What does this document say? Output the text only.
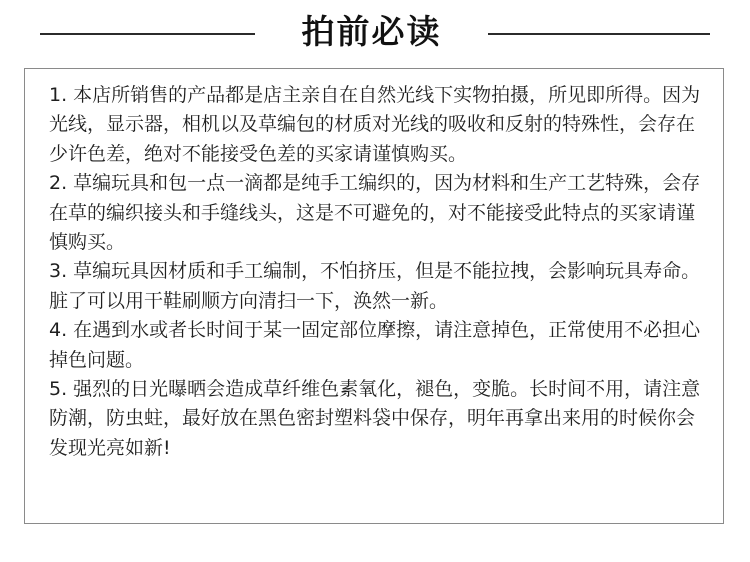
拍前必读
1. 本店所销售的产品都是店主亲自在自然光线下实物拍摄，所见即所得。因为光线，显示器，相机以及草编包的材质对光线的吸收和反射的特殊性，会存在少许色差，绝对不能接受色差的买家请谨慎购买。
2. 草编玩具和包一点一滴都是纯手工编织的，因为材料和生产工艺特殊，会存在草的编织接头和手缝线头，这是不可避免的，对不能接受此特点的买家请谨慎购买。
3. 草编玩具因材质和手工编制，不怕挤压，但是不能拉拽，会影响玩具寿命。脏了可以用干鞋刷顺方向清扫一下，涣然一新。
4. 在遇到水或者长时间于某一固定部位摩擦，请注意掉色，正常使用不必担心掉色问题。
5. 强烈的日光曝晒会造成草纤维色素氧化，褪色，变脆。长时间不用，请注意防潮，防虫蛀，最好放在黑色密封塑料袋中保存，明年再拿出来用的时候你会发现光亮如新!
